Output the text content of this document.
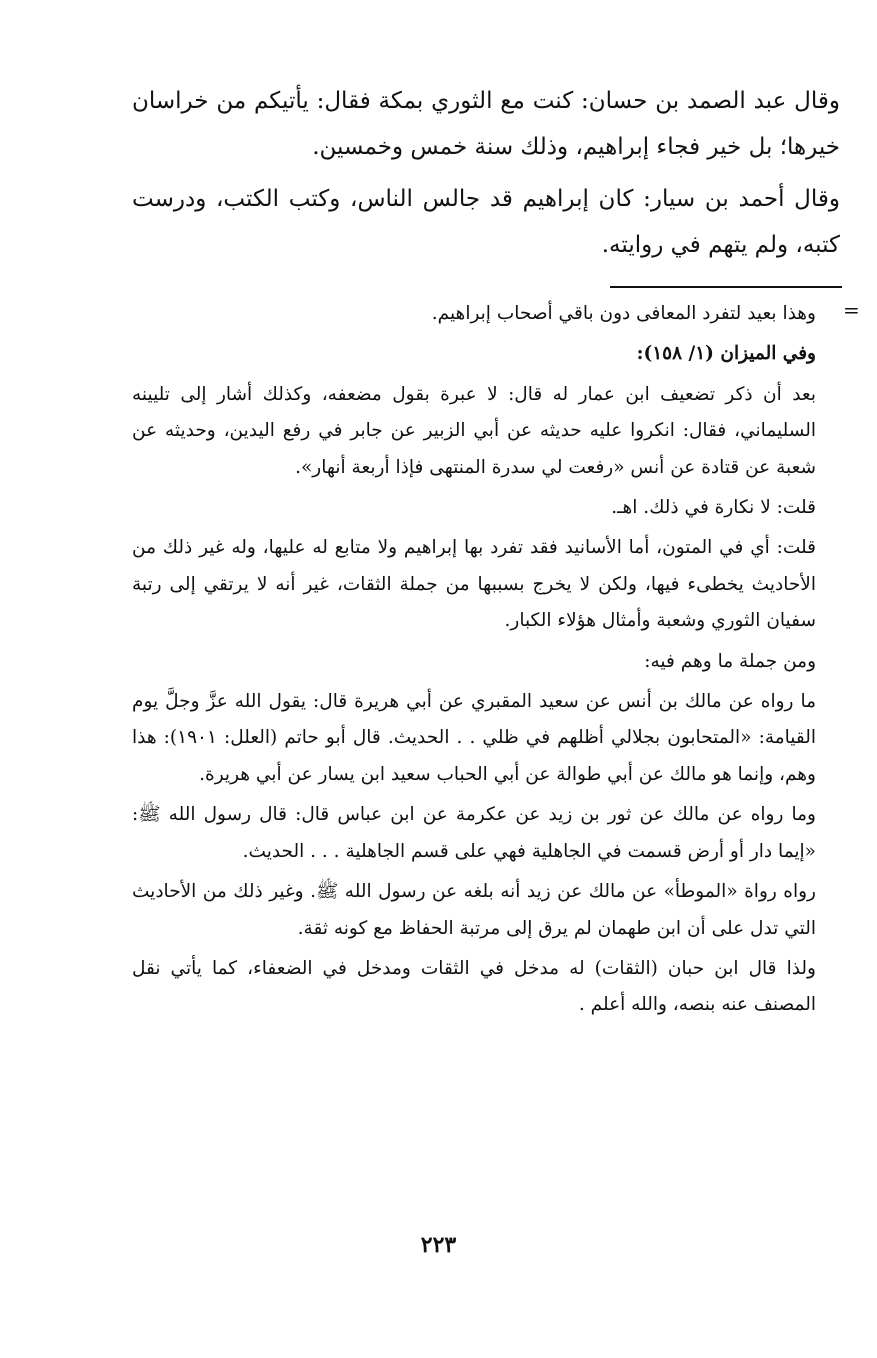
وقال عبد الصمد بن حسان: كنت مع الثوري بمكة فقال: يأتيكم من خراسان خيرها؛ بل خير فجاء إبراهيم، وذلك سنة خمس وخمسين.

وقال أحمد بن سيار: كان إبراهيم قد جالس الناس، وكتب الكتب، ودرست كتبه، ولم يتهم في روايته.

=

وهذا بعيد لتفرد المعافى دون باقي أصحاب إبراهيم.

وفي الميزان (١/ ١٥٨):

بعد أن ذكر تضعيف ابن عمار له قال: لا عبرة بقول مضعفه، وكذلك أشار إلى تليينه السليماني، فقال: انكروا عليه حديثه عن أبي الزبير عن جابر في رفع اليدين، وحديثه عن شعبة عن قتادة عن أنس «رفعت لي سدرة المنتهى فإذا أربعة أنهار».

قلت: لا نكارة في ذلك. اهـ.

قلت: أي في المتون، أما الأسانيد فقد تفرد بها إبراهيم ولا متابع له عليها، وله غير ذلك من الأحاديث يخطىء فيها، ولكن لا يخرج بسببها من جملة الثقات، غير أنه لا يرتقي إلى رتبة سفيان الثوري وشعبة وأمثال هؤلاء الكبار.

ومن جملة ما وهم فيه:

ما رواه عن مالك بن أنس عن سعيد المقبري عن أبي هريرة قال: يقول الله عزَّ وجلَّ يوم القيامة: «المتحابون بجلالي أظلهم في ظلي . . الحديث. قال أبو حاتم (العلل: ١٩٠١): هذا وهم، وإنما هو مالك عن أبي طوالة عن أبي الحباب سعيد ابن يسار عن أبي هريرة.

وما رواه عن مالك عن ثور بن زيد عن عكرمة عن ابن عباس قال: قال رسول الله ﷺ: «إيما دار أو أرض قسمت في الجاهلية فهي على قسم الجاهلية . . . الحديث.

رواه رواة «الموطأ» عن مالك عن زيد أنه بلغه عن رسول الله ﷺ. وغير ذلك من الأحاديث التي تدل على أن ابن طهمان لم يرق إلى مرتبة الحفاظ مع كونه ثقة.

ولذا قال ابن حبان (الثقات) له مدخل في الثقات ومدخل في الضعفاء، كما يأتي نقل المصنف عنه بنصه، والله أعلم .

٢٢٣
